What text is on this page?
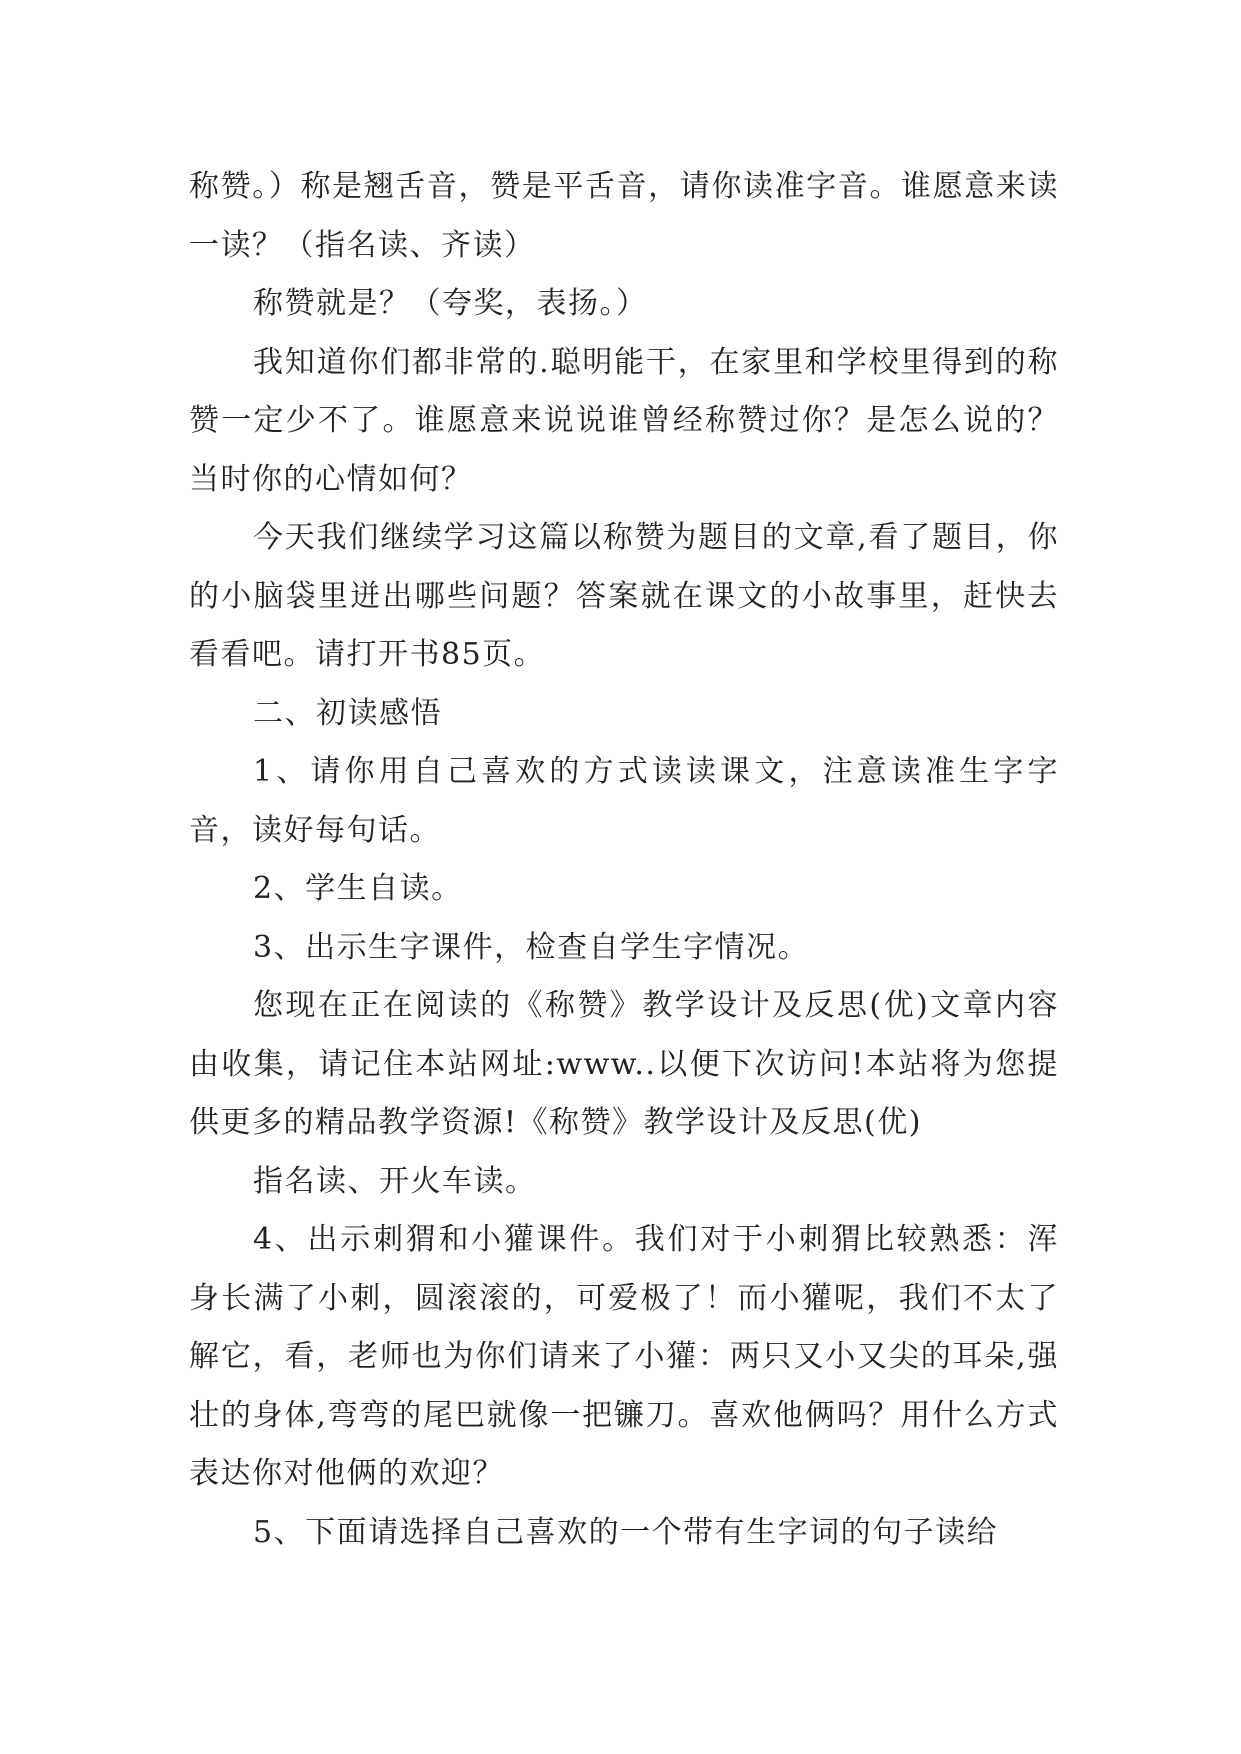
称赞。）称是翘舌音，赞是平舌音，请你读准字音。谁愿意来读一读？（指名读、齐读）

称赞就是？（夸奖，表扬。）

我知道你们都非常的.聪明能干，在家里和学校里得到的称赞一定少不了。谁愿意来说说谁曾经称赞过你？是怎么说的？当时你的心情如何？

今天我们继续学习这篇以称赞为题目的文章,看了题目，你的小脑袋里迸出哪些问题？答案就在课文的小故事里，赶快去看看吧。请打开书85页。

二、初读感悟

1、请你用自己喜欢的方式读读课文，注意读准生字字音，读好每句话。

2、学生自读。

3、出示生字课件，检查自学生字情况。

您现在正在阅读的《称赞》教学设计及反思(优)文章内容由收集，请记住本站网址:www..以便下次访问!本站将为您提供更多的精品教学资源!《称赞》教学设计及反思(优)

指名读、开火车读。

4、出示刺猬和小獾课件。我们对于小刺猬比较熟悉：浑身长满了小刺，圆滚滚的，可爱极了！而小獾呢，我们不太了解它，看，老师也为你们请来了小獾：两只又小又尖的耳朵,强壮的身体,弯弯的尾巴就像一把镰刀。喜欢他俩吗？用什么方式表达你对他俩的欢迎？

5、下面请选择自己喜欢的一个带有生字词的句子读给
